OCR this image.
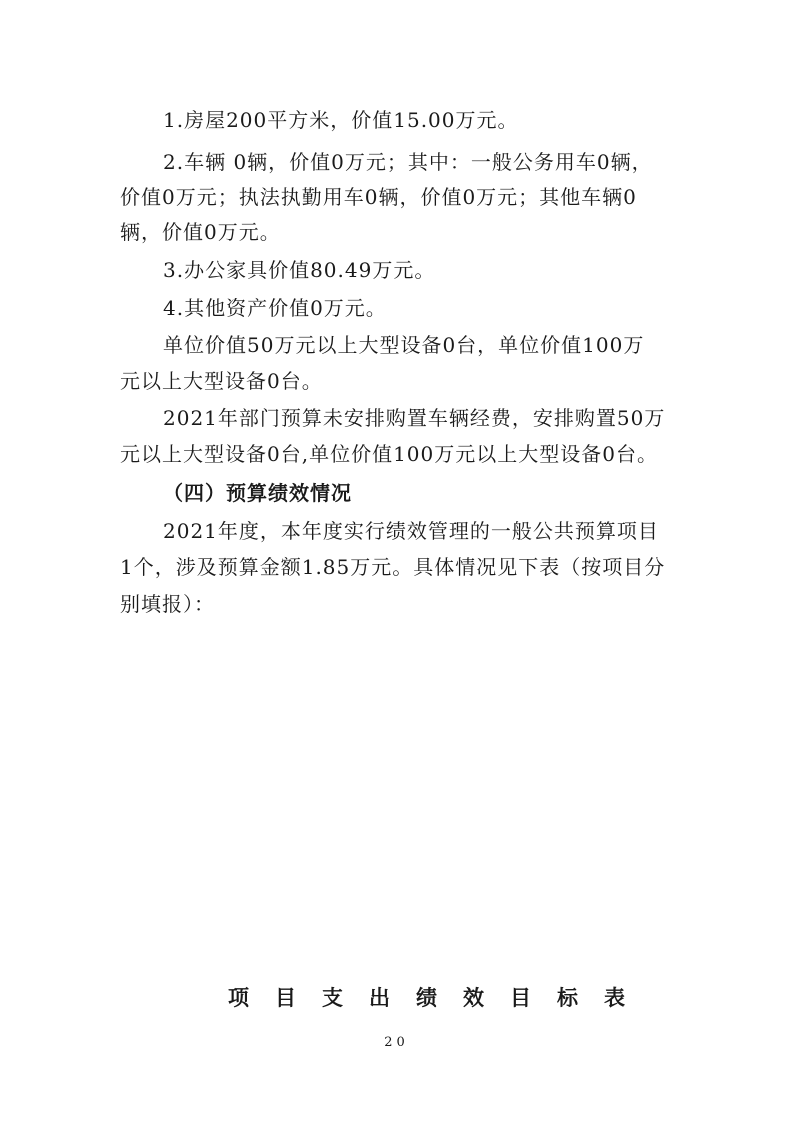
1.房屋200平方米，价值15.00万元。
2.车辆 0辆，价值0万元；其中：一般公务用车0辆，
价值0万元；执法执勤用车0辆，价值0万元；其他车辆0
辆，价值0万元。
3.办公家具价值80.49万元。
4.其他资产价值0万元。
单位价值50万元以上大型设备0台，单位价值100万
元以上大型设备0台。
2021年部门预算未安排购置车辆经费，安排购置50万
元以上大型设备0台,单位价值100万元以上大型设备0台。
（四）预算绩效情况
2021年度，本年度实行绩效管理的一般公共预算项目
1个，涉及预算金额1.85万元。具体情况见下表（按项目分
别填报）：
项目支出绩效目标表
20
